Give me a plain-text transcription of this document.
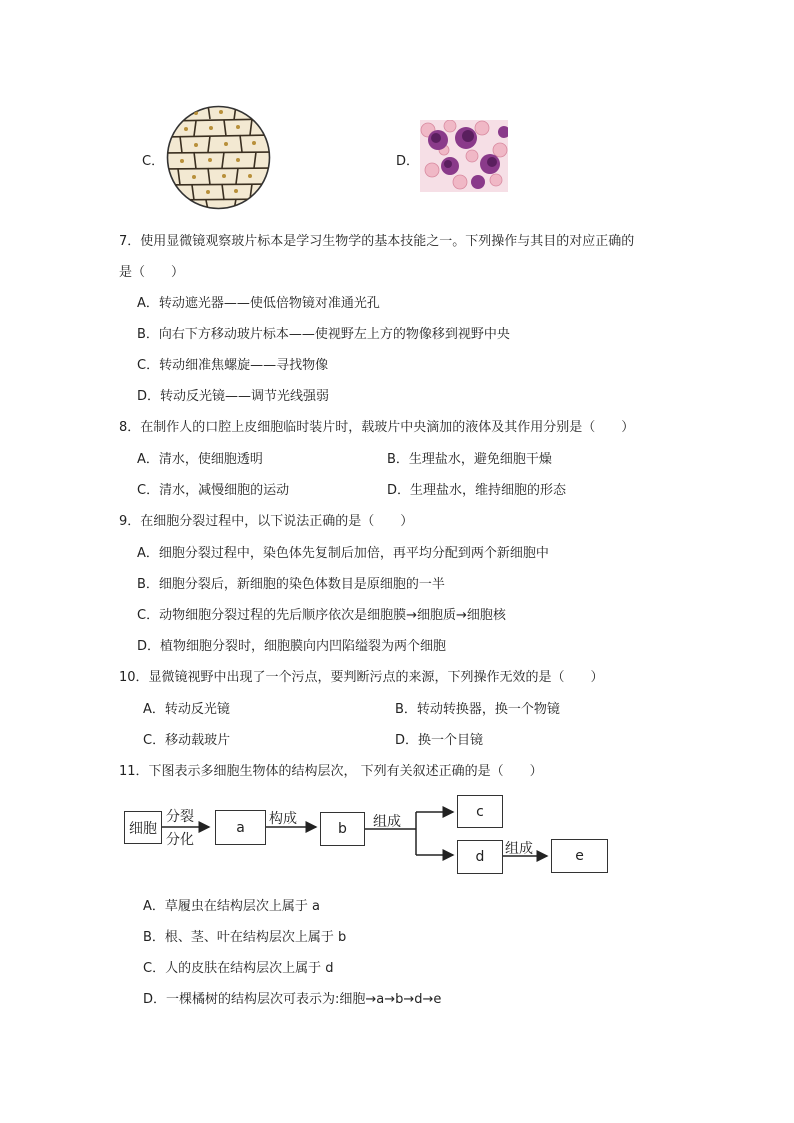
C．	D．
7．使用显微镜观察玻片标本是学习生物学的基本技能之一。下列操作与其目的对应正确的
是（　　）
A．转动遮光器——使低倍物镜对准通光孔
B．向右下方移动玻片标本——使视野左上方的物像移到视野中央
C．转动细准焦螺旋——寻找物像
D．转动反光镜——调节光线强弱
8．在制作人的口腔上皮细胞临时装片时，载玻片中央滴加的液体及其作用分别是（　　）
A．清水，使细胞透明	B．生理盐水，避免细胞干燥
C．清水，减慢细胞的运动	D．生理盐水，维持细胞的形态
9．在细胞分裂过程中，以下说法正确的是（　　）
A．细胞分裂过程中，染色体先复制后加倍，再平均分配到两个新细胞中
B．细胞分裂后，新细胞的染色体数目是原细胞的一半
C．动物细胞分裂过程的先后顺序依次是细胞膜→细胞质→细胞核
D．植物细胞分裂时，细胞膜向内凹陷缢裂为两个细胞
10．显微镜视野中出现了一个污点，要判断污点的来源，下列操作无效的是（　　）
A．转动反光镜	B．转动转换器，换一个物镜
C．移动载玻片	D．换一个目镜
11．下图表示多细胞生物体的结构层次， 下列有关叙述正确的是（　　）
细胞
分裂
分化
a
构成
b	组成
c
d	组成	e
A．草履虫在结构层次上属于 a
B．根、茎、叶在结构层次上属于 b
C．人的皮肤在结构层次上属于 d
D．一棵橘树的结构层次可表示为:细胞→a→b→d→e
